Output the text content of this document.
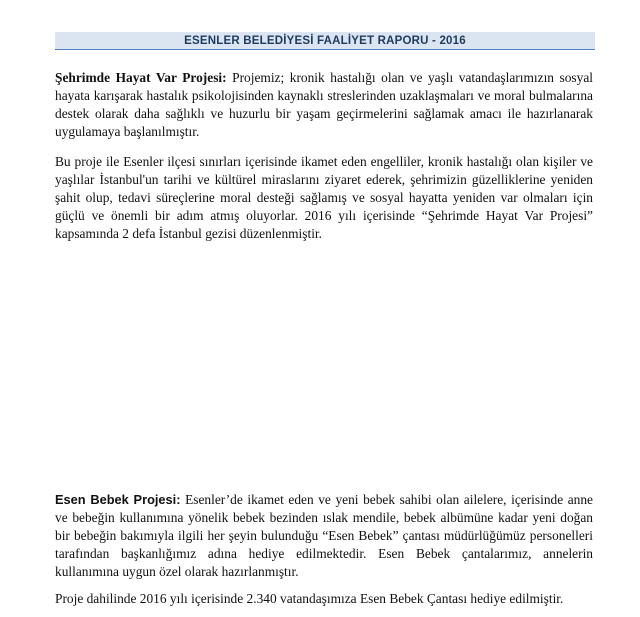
ESENLER BELEDİYESİ FAALİYET RAPORU - 2016

Şehrimde Hayat Var Projesi: Projemiz; kronik hastalığı olan ve yaşlı vatandaşlarımızın sosyal hayata karışarak hastalık psikolojisinden kaynaklı streslerinden uzaklaşmaları ve moral bulmalarına destek olarak daha sağlıklı ve huzurlu bir yaşam geçirmelerini sağlamak amacı ile hazırlanarak uygulamaya başlanılmıştır.

Bu proje ile Esenler ilçesi sınırları içerisinde ikamet eden engelliler, kronik hastalığı olan kişiler ve yaşlılar İstanbul'un tarihi ve kültürel miraslarını ziyaret ederek, şehrimizin güzelliklerine yeniden şahit olup, tedavi süreçlerine moral desteği sağlamış ve sosyal hayatta yeniden var olmaları için güçlü ve önemli bir adım atmış oluyorlar. 2016 yılı içerisinde “Şehrimde Hayat Var Projesi” kapsamında 2 defa İstanbul gezisi düzenlenmiştir.

Esen Bebek Projesi: Esenler’de ikamet eden ve yeni bebek sahibi olan ailelere, içerisinde anne ve bebeğin kullanımına yönelik bebek bezinden ıslak mendile, bebek albümüne kadar yeni doğan bir bebeğin bakımıyla ilgili her şeyin bulunduğu “Esen Bebek” çantası müdürlüğümüz personelleri tarafından başkanlığımız adına hediye edilmektedir. Esen Bebek çantalarımız, annelerin kullanımına uygun özel olarak hazırlanmıştır.

Proje dahilinde 2016 yılı içerisinde 2.340 vatandaşımıza Esen Bebek Çantası hediye edilmiştir.
